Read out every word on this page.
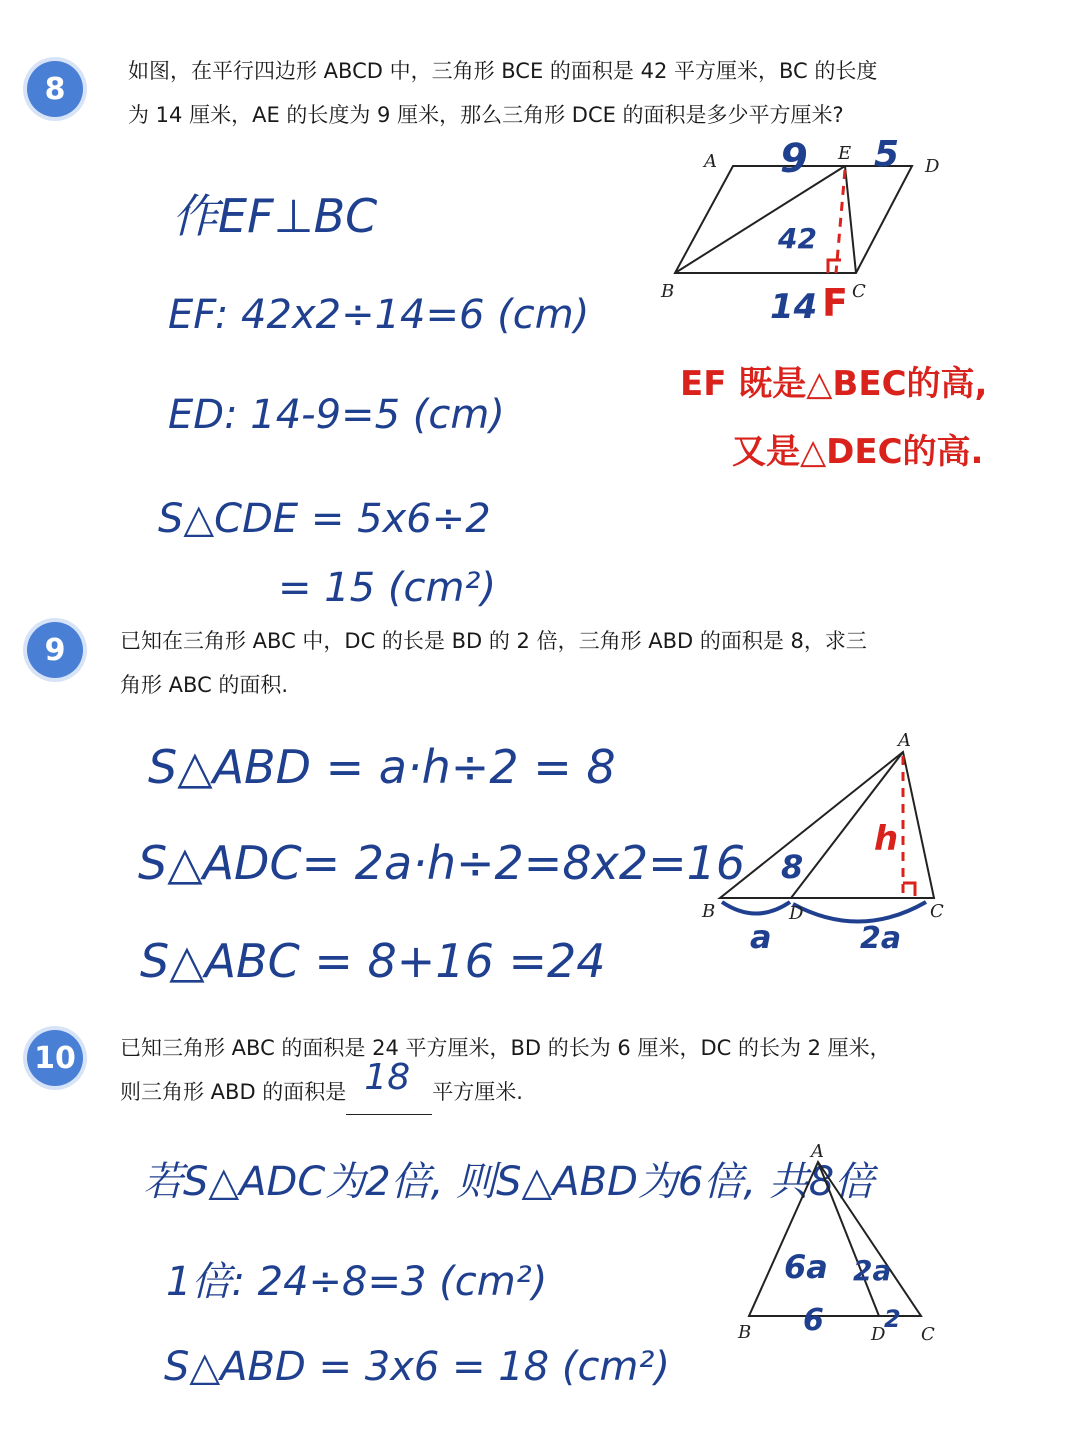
8
如图，在平行四边形 ABCD 中，三角形 BCE 的面积是 42 平方厘米，BC 的长度
为 14 厘米，AE 的长度为 9 厘米，那么三角形 DCE 的面积是多少平方厘米?
作EF⊥BC
EF: 42x2÷14=6 (cm)
ED: 14-9=5 (cm)
S△CDE = 5x6÷2
= 15 (cm²)
EF 既是△BEC的高,
又是△DEC的高.
A	E
D
B	C
9 5
42
14 F
9	已知在三角形 ABC 中，DC 的长是 BD 的 2 倍，三角形 ABD 的面积是 8，求三
角形 ABC 的面积.
S△ABD = a·h÷2 = 8
S△ADC= 2a·h÷2=8x2=16
S△ABC = 8+16 =24
A
B	D	C
h
8
a	2a
10	已知三角形 ABC 的面积是 24 平方厘米，BD 的长为 6 厘米，DC 的长为 2 厘米，
则三角形 ABD 的面积是 18 平方厘米.
若S△ADC为2倍, 则S△ABD为6倍, 共8倍
1倍: 24÷8=3 (cm²)
S△ABD = 3x6 = 18 (cm²)
A
B	D C
6a 2a
6	2
